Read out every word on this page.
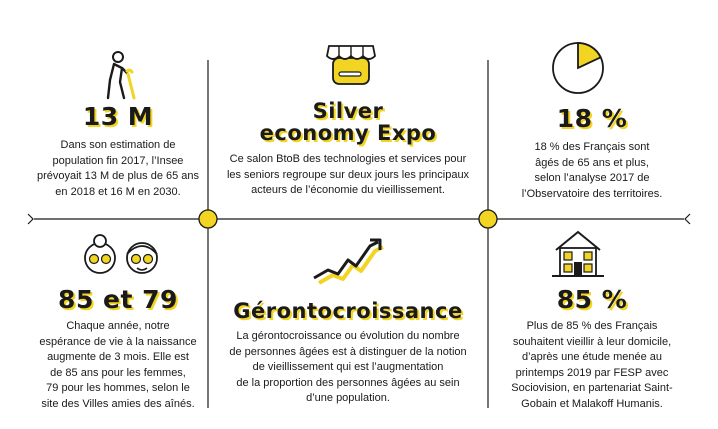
13 M
Dans son estimation de
population fin 2017, l’Insee
prévoyait 13 M de plus de 65 ans
en 2018 et 16 M en 2030.
Silver
economy Expo
Ce salon BtoB des technologies et services pour
les seniors regroupe sur deux jours les principaux
acteurs de l’économie du vieillissement.
18 %
18 % des Français sont
âgés de 65 ans et plus,
selon l’analyse 2017 de
l’Observatoire des territoires.
85 et 79
Chaque année, notre
espérance de vie à la naissance
augmente de 3 mois. Elle est
de 85 ans pour les femmes,
79 pour les hommes, selon le
site des Villes amies des aînés.
Gérontocroissance
La gérontocroissance ou évolution du nombre
de personnes âgées est à distinguer de la notion
de vieillissement qui est l’augmentation
de la proportion des personnes âgées au sein
d’une population.
85 %
Plus de 85 % des Français
souhaitent vieillir à leur domicile,
d’après une étude menée au
printemps 2019 par FESP avec
Sociovision, en partenariat Saint-
Gobain et Malakoff Humanis.
